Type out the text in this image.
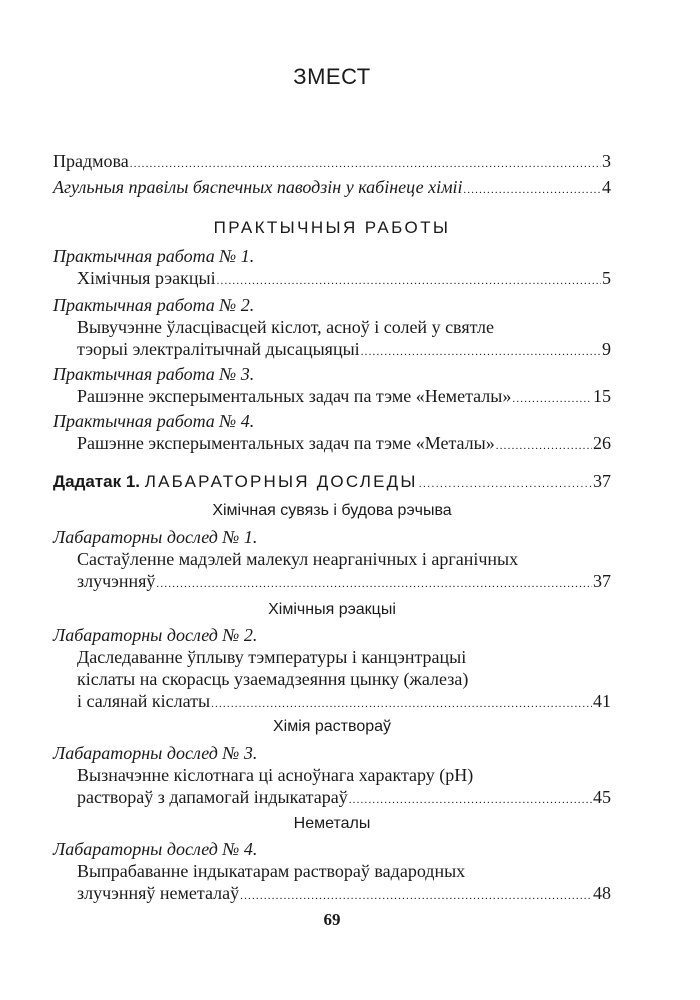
ЗМЕСТ
Прадмова .....	3
Агульныя правілы бяспечных паводзін у кабінеце хіміі .....	4
ПРАКТЫЧНЫЯ РАБОТЫ
Практычная работа № 1.
Хімічныя рэакцыі .....	5
Практычная работа № 2.
Вывучэнне ўласцівасцей кіслот, асноў і солей у святле
тэорыі электралітычнай дысацыяцыі .....	9
Практычная работа № 3.
Рашэнне эксперыментальных задач па тэме «Неметалы» .....	15
Практычная работа № 4.
Рашэнне эксперыментальных задач па тэме «Металы» .....	26
Дадатак 1. ЛАБАРАТОРНЫЯ ДОСЛЕДЫ .....	37
Хімічная сувязь і будова рэчыва
Лабараторны дослед № 1.
Састаўленне мадэлей малекул неарганічных і арганічных
злучэнняў .....	37
Хімічныя рэакцыі
Лабараторны дослед № 2.
Даследаванне ўплыву тэмпературы і канцэнтрацыі
кіслаты на скорасць узаемадзеяння цынку (жалеза)
і салянай кіслаты .....	41
Хімія раствораў
Лабараторны дослед № 3.
Вызначэнне кіслотнага ці асноўнага характару (pH)
раствораў з дапамогай індыкатараў .....	45
Неметалы
Лабараторны дослед № 4.
Выпрабаванне індыкатарам раствораў вадародных
злучэнняў неметалаў .....	48
69
